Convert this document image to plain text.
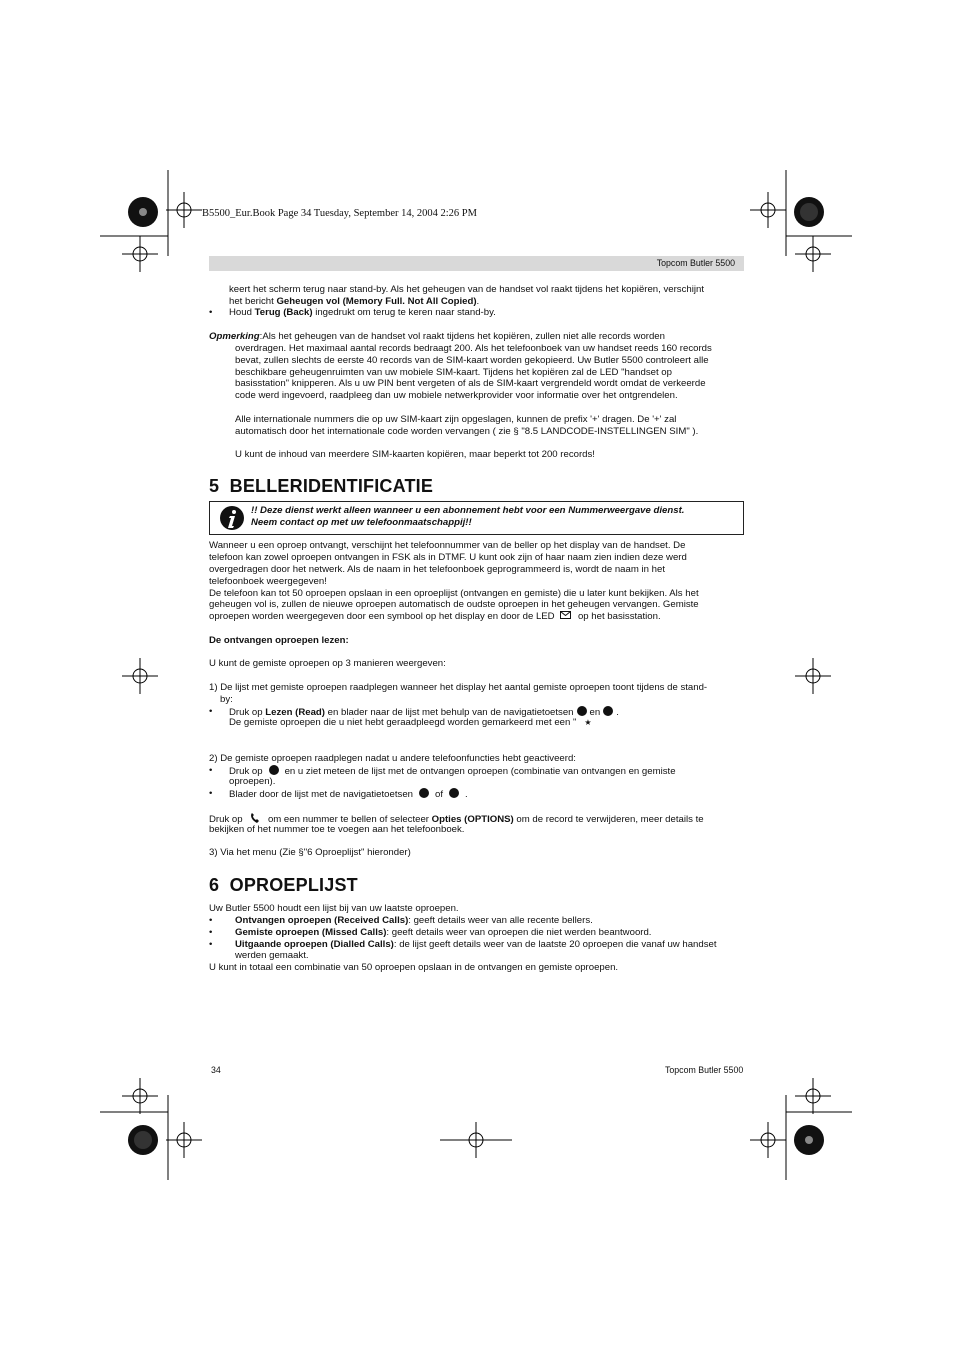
B5500_Eur.Book Page 34 Tuesday, September 14, 2004 2:26 PM
Topcom Butler 5500
keert het scherm terug naar stand-by. Als het geheugen van de handset vol raakt tijdens het kopiëren, verschijnt
het bericht Geheugen vol (Memory Full. Not All Copied).
• Houd Terug (Back) ingedrukt om terug te keren naar stand-by.
Opmerking:Als het geheugen van de handset vol raakt tijdens het kopiëren, zullen niet alle records worden
overdragen. Het maximaal aantal records bedraagt 200. Als het telefoonboek van uw handset reeds 160 records
bevat, zullen slechts de eerste 40 records van de SIM-kaart worden gekopieerd. Uw Butler 5500 controleert alle
beschikbare geheugenruimten van uw mobiele SIM-kaart. Tijdens het kopiëren zal de LED "handset op
basisstation" knipperen. Als u uw PIN bent vergeten of als de SIM-kaart vergrendeld wordt omdat de verkeerde
code werd ingevoerd, raadpleeg dan uw mobiele netwerkprovider voor informatie over het ontgrendelen.
Alle internationale nummers die op uw SIM-kaart zijn opgeslagen, kunnen de prefix '+' dragen. De '+' zal
automatisch door het internationale code worden vervangen ( zie § "8.5 LANDCODE-INSTELLINGEN SIM" ).
U kunt de inhoud van meerdere SIM-kaarten kopiëren, maar beperkt tot 200 records!
5 BELLERIDENTIFICATIE
!! Deze dienst werkt alleen wanneer u een abonnement hebt voor een Nummerweergave dienst.
Neem contact op met uw telefoonmaatschappij!!
Wanneer u een oproep ontvangt, verschijnt het telefoonnummer van de beller op het display van de handset. De
telefoon kan zowel oproepen ontvangen in FSK als in DTMF. U kunt ook zijn of haar naam zien indien deze werd
overgedragen door het netwerk. Als de naam in het telefoonboek geprogrammeerd is, wordt de naam in het
telefoonboek weergegeven!
De telefoon kan tot 50 oproepen opslaan in een oproeplijst (ontvangen en gemiste) die u later kunt bekijken. Als het
geheugen vol is, zullen de nieuwe oproepen automatisch de oudste oproepen in het geheugen vervangen. Gemiste
oproepen worden weergegeven door een symbool op het display en door de LED op het basisstation.
De ontvangen oproepen lezen:
U kunt de gemiste oproepen op 3 manieren weergeven:
1) De lijst met gemiste oproepen raadplegen wanneer het display het aantal gemiste oproepen toont tijdens de stand-
by:
• Druk op Lezen (Read) en blader naar de lijst met behulp van de navigatietoetsen en .
De gemiste oproepen die u niet hebt geraadpleegd worden gemarkeerd met een " ★
2) De gemiste oproepen raadplegen nadat u andere telefoonfuncties hebt geactiveerd:
• Druk op en u ziet meteen de lijst met de ontvangen oproepen (combinatie van ontvangen en gemiste
oproepen).
• Blader door de lijst met de navigatietoetsen of .
Druk op	om een nummer te bellen of selecteer Opties (OPTIONS) om de record te verwijderen, meer details te
bekijken of het nummer toe te voegen aan het telefoonboek.
3) Via het menu (Zie §"6 Oproeplijst" hieronder)
6 OPROEPLIJST
Uw Butler 5500 houdt een lijst bij van uw laatste oproepen.
• Ontvangen oproepen (Received Calls): geeft details weer van alle recente bellers.
• Gemiste oproepen (Missed Calls): geeft details weer van oproepen die niet werden beantwoord.
• Uitgaande oproepen (Dialled Calls): de lijst geeft details weer van de laatste 20 oproepen die vanaf uw handset
werden gemaakt.
U kunt in totaal een combinatie van 50 oproepen opslaan in de ontvangen en gemiste oproepen.
34	Topcom Butler 5500
